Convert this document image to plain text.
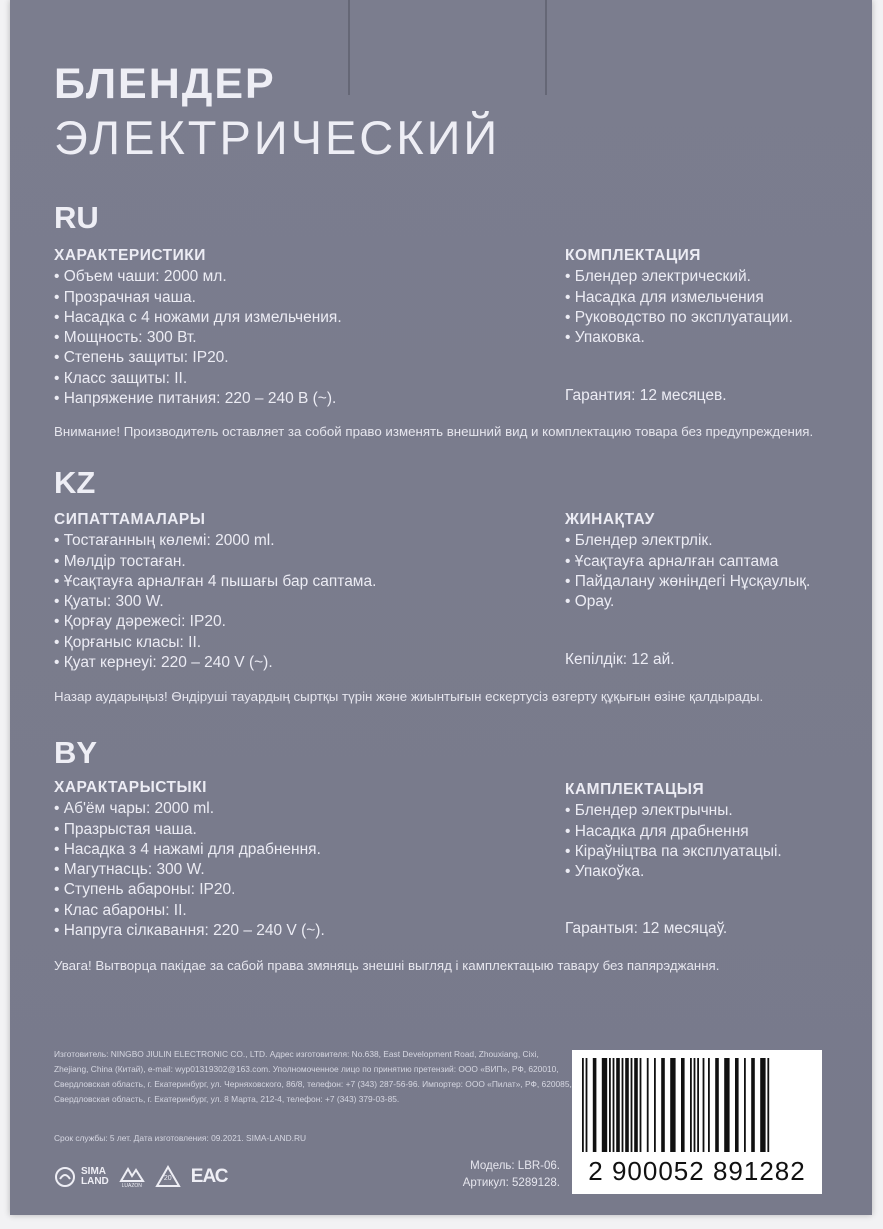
БЛЕНДЕР
ЭЛЕКТРИЧЕСКИЙ
RU
ХАРАКТЕРИСТИКИ
• Объем чаши: 2000 мл.
• Прозрачная чаша.
• Насадка с 4 ножами для измельчения.
• Мощность: 300 Вт.
• Степень защиты: IP20.
• Класс защиты: II.
• Напряжение питания: 220 – 240 В (~).
КОМПЛЕКТАЦИЯ
• Блендер электрический.
• Насадка для измельчения
• Руководство по эксплуатации.
• Упаковка.
Гарантия: 12 месяцев.
Внимание! Производитель оставляет за собой право изменять внешний вид и комплектацию товара без предупреждения.
KZ
СИПАТТАМАЛАРЫ
• Тостағанның көлемі: 2000 ml.
• Мөлдір тостаған.
• Ұсақтауға арналған 4 пышағы бар саптама.
• Қуаты: 300 W.
• Қорғау дәрежесі: IP20.
• Қорғаныс класы: II.
• Қуат кернеуі: 220 – 240 V (~).
ЖИНАҚТАУ
• Блендер электрлік.
• Ұсақтауға арналған саптама
• Пайдалану жөніндегі Нұсқаулық.
• Орау.
Кепілдік: 12 ай.
Назар аударыңыз! Өндіруші тауардың сыртқы түрін және жиынтығын ескертусіз өзгерту құқығын өзіне қалдырады.
BY
ХАРАКТАРЫСТЫКІ
• Аб'ём чары: 2000 ml.
• Празрыстая чаша.
• Насадка з 4 нажамі для драбнення.
• Магутнасць: 300 W.
• Ступень абароны: IP20.
• Клас абароны: II.
• Напруга сілкавання: 220 – 240 V (~).
КАМПЛЕКТАЦЫЯ
• Блендер электрычны.
• Насадка для драбнення
• Кіраўніцтва па эксплуатацыі.
• Упакоўка.
Гарантыя: 12 месяцаў.
Увага! Вытворца пакідае за сабой права змяняць знешні выгляд і камплектацыю тавару без папярэджання.
Изготовитель: NINGBO JIULIN ELECTRONIC CO., LTD. Адрес изготовителя: No.638, East Development Road, Zhouxiang, Cixi, Zhejiang, China (Китай), e-mail: wyp01319302@163.com. Уполномоченное лицо по принятию претензий: ООО «ВИП», РФ, 620010, Свердловская область, г. Екатеринбург, ул. Черняховского, 86/8, телефон: +7 (343) 287-56-96. Импортер: ООО «Пилат», РФ, 620085, Свердловская область, г. Екатеринбург, ул. 8 Марта, 212-4, телефон: +7 (343) 379-03-85.
Срок службы: 5 лет. Дата изготовления: 09.2021. SIMA-LAND.RU
SIMA
LAND	LUAZON
20	ЕАС	Модель: LBR-06.
Артикул: 5289128.	2 900052 891282
